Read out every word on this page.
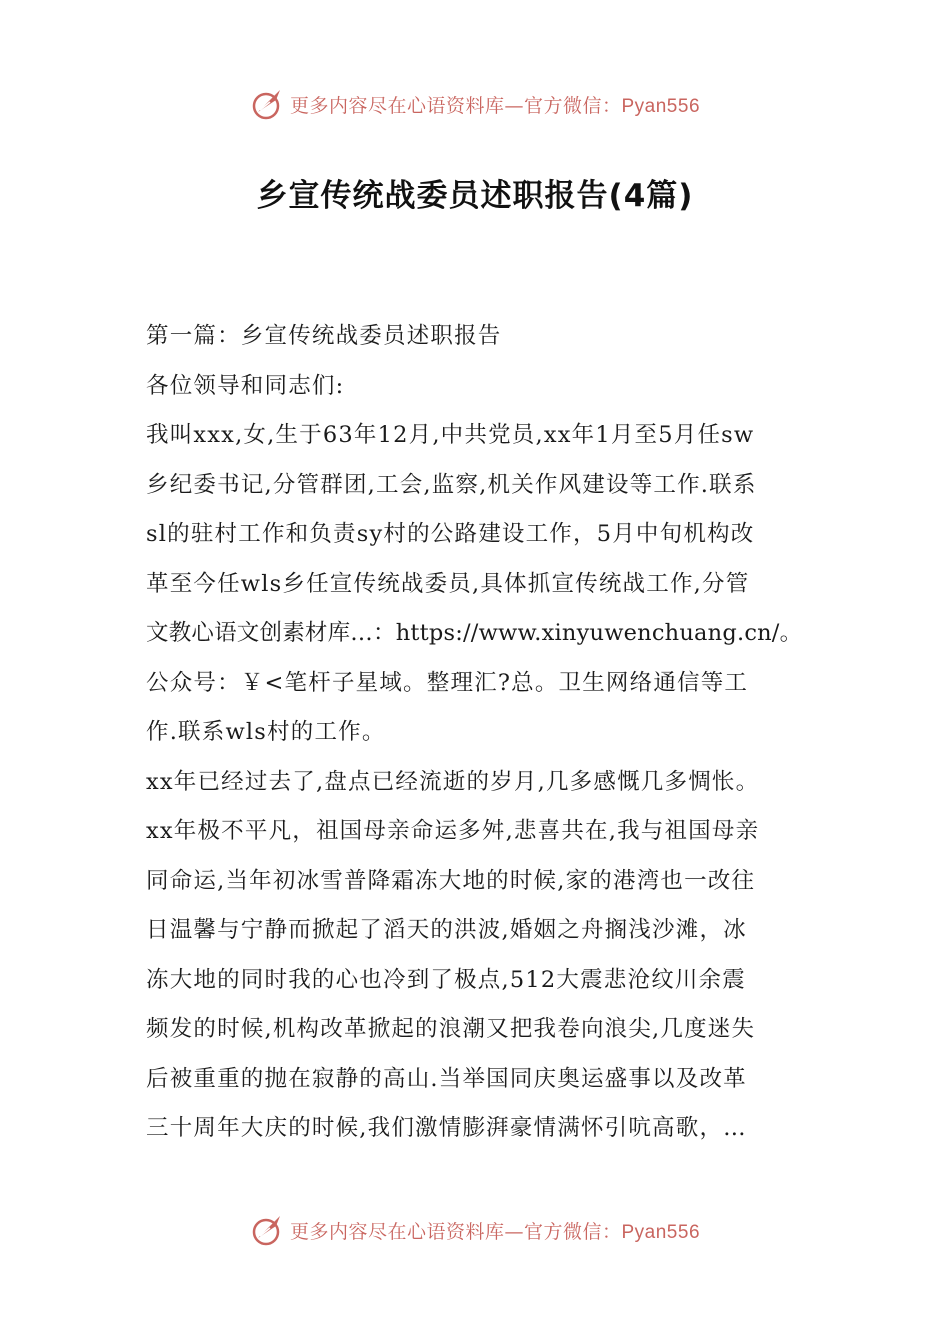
更多内容尽在心语资料库—官方微信：Pyan556
乡宣传统战委员述职报告(4篇)
第一篇：乡宣传统战委员述职报告
各位领导和同志们:
我叫xxx,女,生于63年12月,中共党员,xx年1月至5月任sw
乡纪委书记,分管群团,工会,监察,机关作风建设等工作.联系
sl的驻村工作和负责sy村的公路建设工作，5月中旬机构改
革至今任wls乡任宣传统战委员,具体抓宣传统战工作,分管
文教心语文创素材库…：https://www.xinyuwenchuang.cn/。
公众号：￥<笔杆子星域。整理汇?总。卫生网络通信等工
作.联系wls村的工作。
xx年已经过去了,盘点已经流逝的岁月,几多感慨几多惆怅。
xx年极不平凡，祖国母亲命运多舛,悲喜共在,我与祖国母亲
同命运,当年初冰雪普降霜冻大地的时候,家的港湾也一改往
日温馨与宁静而掀起了滔天的洪波,婚姻之舟搁浅沙滩，冰
冻大地的同时我的心也冷到了极点,512大震悲沧纹川余震
频发的时候,机构改革掀起的浪潮又把我卷向浪尖,几度迷失
后被重重的抛在寂静的高山.当举国同庆奥运盛事以及改革
三十周年大庆的时候,我们激情膨湃豪情满怀引吭高歌，…
更多内容尽在心语资料库—官方微信：Pyan556
